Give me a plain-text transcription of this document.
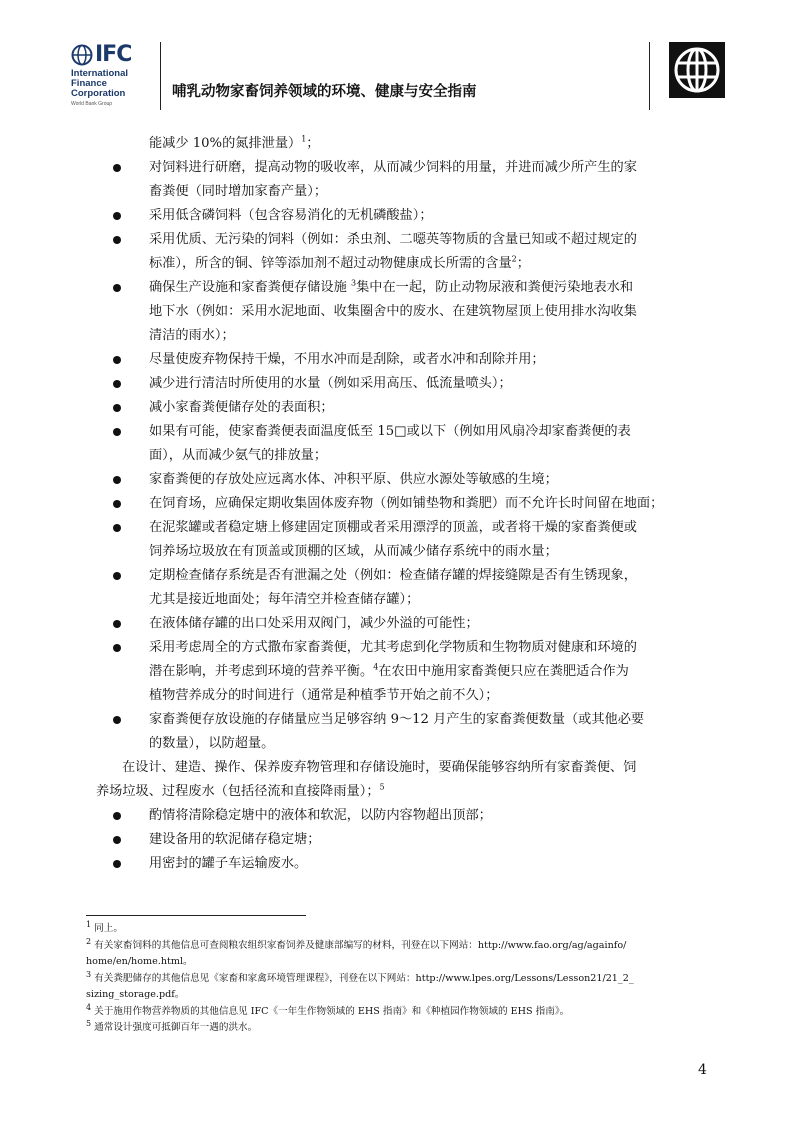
IFC
International
Finance
Corporation
World Bank Group
哺乳动物家畜饲养领域的环境、健康与安全指南
能减少 10%的氮排泄量）$^1$；
对饲料进行研磨，提高动物的吸收率，从而减少饲料的用量，并进而减少所产生的家
畜粪便（同时增加家畜产量）；
采用低含磷饲料（包含容易消化的无机磷酸盐）；
采用优质、无污染的饲料（例如：杀虫剂、二噁英等物质的含量已知或不超过规定的
标准），所含的铜、锌等添加剂不超过动物健康成长所需的含量$^2$；
确保生产设施和家畜粪便存储设施 $^3$集中在一起，防止动物尿液和粪便污染地表水和
地下水（例如：采用水泥地面、收集圈舍中的废水、在建筑物屋顶上使用排水沟收集
清洁的雨水）；
尽量使废弃物保持干燥，不用水冲而是刮除，或者水冲和刮除并用；
减少进行清洁时所使用的水量（例如采用高压、低流量喷头）；
减小家畜粪便储存处的表面积；
如果有可能，使家畜粪便表面温度低至 15□或以下（例如用风扇冷却家畜粪便的表
面），从而减少氨气的排放量；
家畜粪便的存放处应远离水体、冲积平原、供应水源处等敏感的生境；
在饲育场，应确保定期收集固体废弃物（例如铺垫物和粪肥）而不允许长时间留在地面；
在泥浆罐或者稳定塘上修建固定顶棚或者采用漂浮的顶盖，或者将干燥的家畜粪便或
饲养场垃圾放在有顶盖或顶棚的区域，从而减少储存系统中的雨水量；
定期检查储存系统是否有泄漏之处（例如：检查储存罐的焊接缝隙是否有生锈现象，
尤其是接近地面处；每年清空并检查储存罐）；
在液体储存罐的出口处采用双阀门，减少外溢的可能性；
采用考虑周全的方式撒布家畜粪便，尤其考虑到化学物质和生物物质对健康和环境的
潜在影响，并考虑到环境的营养平衡。$^4$在农田中施用家畜粪便只应在粪肥适合作为
植物营养成分的时间进行（通常是种植季节开始之前不久）；
家畜粪便存放设施的存储量应当足够容纳 9～12 月产生的家畜粪便数量（或其他必要
的数量），以防超量。
在设计、建造、操作、保养废弃物管理和存储设施时，要确保能够容纳所有家畜粪便、饲
养场垃圾、过程废水（包括径流和直接降雨量）；$^5$
酌情将清除稳定塘中的液体和软泥，以防内容物超出顶部；
建设备用的软泥储存稳定塘；
用密封的罐子车运输废水。
$^1$ 同上。
$^2$ 有关家畜饲料的其他信息可查阅粮农组织家畜饲养及健康部编写的材料，刊登在以下网站：http://www.fao.org/ag/againfo/
home/en/home.html。
$^3$ 有关粪肥储存的其他信息见《家畜和家禽环境管理课程》，刊登在以下网站：http://www.lpes.org/Lessons/Lesson21/21_2_
sizing_storage.pdf。
$^4$ 关于施用作物营养物质的其他信息见 IFC《一年生作物领域的 EHS 指南》和《种植园作物领域的 EHS 指南》。
$^5$ 通常设计强度可抵御百年一遇的洪水。
4
